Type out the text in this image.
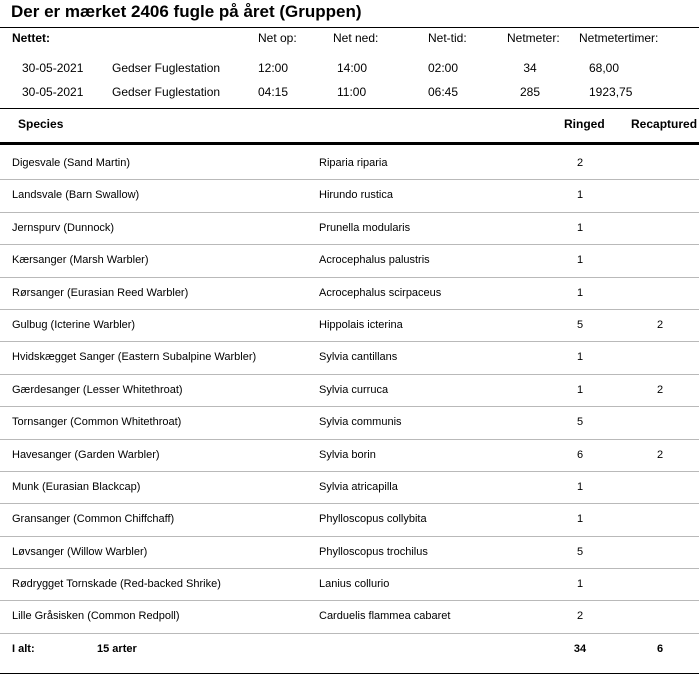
Der er mærket 2406 fugle på året (Gruppen)
Nettet:	Net op:	Net ned:	Net-tid:	Netmeter: Netmetertimer:
30-05-2021 Gedser Fuglestation	12:00	14:00	02:00	34	68,00
30-05-2021 Gedser Fuglestation	04:15	11:00	06:45	285	1923,75
Species	Ringed Recaptured
Digesvale (Sand Martin)	Riparia riparia	2
Landsvale (Barn Swallow)	Hirundo rustica	1
Jernspurv (Dunnock)	Prunella modularis	1
Kærsanger (Marsh Warbler)	Acrocephalus palustris	1
Rørsanger (Eurasian Reed Warbler)	Acrocephalus scirpaceus	1
Gulbug (Icterine Warbler)	Hippolais icterina	5	2
Hvidskægget Sanger (Eastern Subalpine Warbler)	Sylvia cantillans	1
Gærdesanger (Lesser Whitethroat)	Sylvia curruca	1	2
Tornsanger (Common Whitethroat)	Sylvia communis	5
Havesanger (Garden Warbler)	Sylvia borin	6	2
Munk (Eurasian Blackcap)	Sylvia atricapilla	1
Gransanger (Common Chiffchaff)	Phylloscopus collybita	1
Løvsanger (Willow Warbler)	Phylloscopus trochilus	5
Rødrygget Tornskade (Red-backed Shrike)	Lanius collurio	1
Lille Gråsisken (Common Redpoll)	Carduelis flammea cabaret	2
I alt:	15 arter	34	6
